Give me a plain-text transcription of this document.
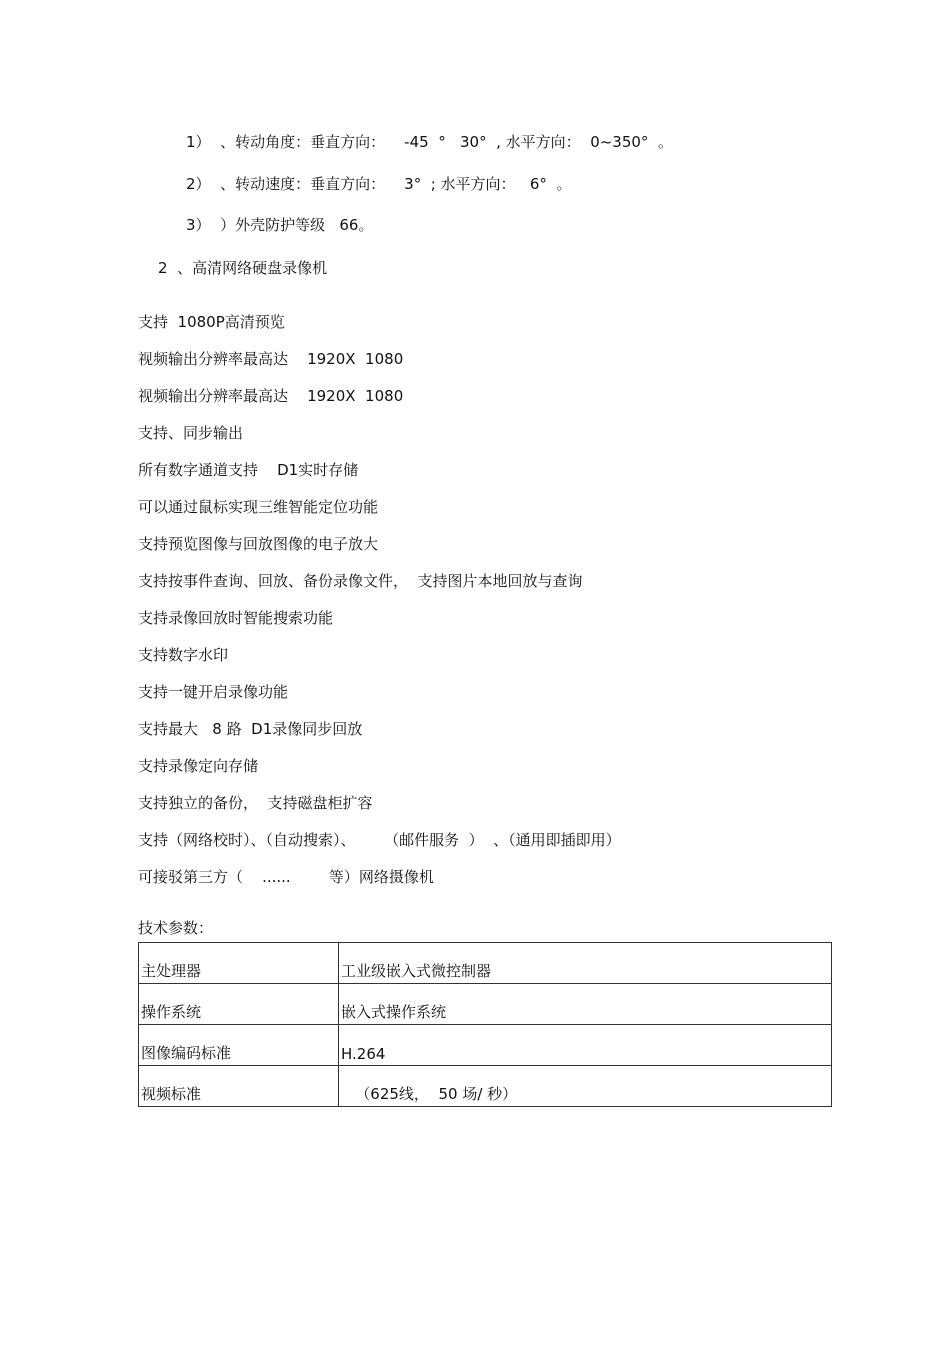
1）  、转动角度：垂直方向：    -45  °   30°  , 水平方向：  0~350°  。
2）  、转动速度：垂直方向：    3°  ; 水平方向：   6°  。
3）  ）外壳防护等级   66。
2  、高清网络硬盘录像机
支持  1080P高清预览
视频输出分辨率最高达    1920X  1080
视频输出分辨率最高达    1920X  1080
支持、同步输出
所有数字通道支持    D1实时存储
可以通过鼠标实现三维智能定位功能
支持预览图像与回放图像的电子放大
支持按事件查询、回放、备份录像文件，  支持图片本地回放与查询
支持录像回放时智能搜索功能
支持数字水印
支持一键开启录像功能
支持最大   8 路  D1录像同步回放
支持录像定向存储
支持独立的备份，  支持磁盘柜扩容
支持（网络校时）、（自动搜索）、      （邮件服务  ）  、（通用即插即用）
可接驳第三方（    ......        等）网络摄像机
技术参数：
主处理器	工业级嵌入式微控制器
操作系统	嵌入式操作系统
图像编码标准	H.264
视频标准	（625线，  50 场/ 秒）
